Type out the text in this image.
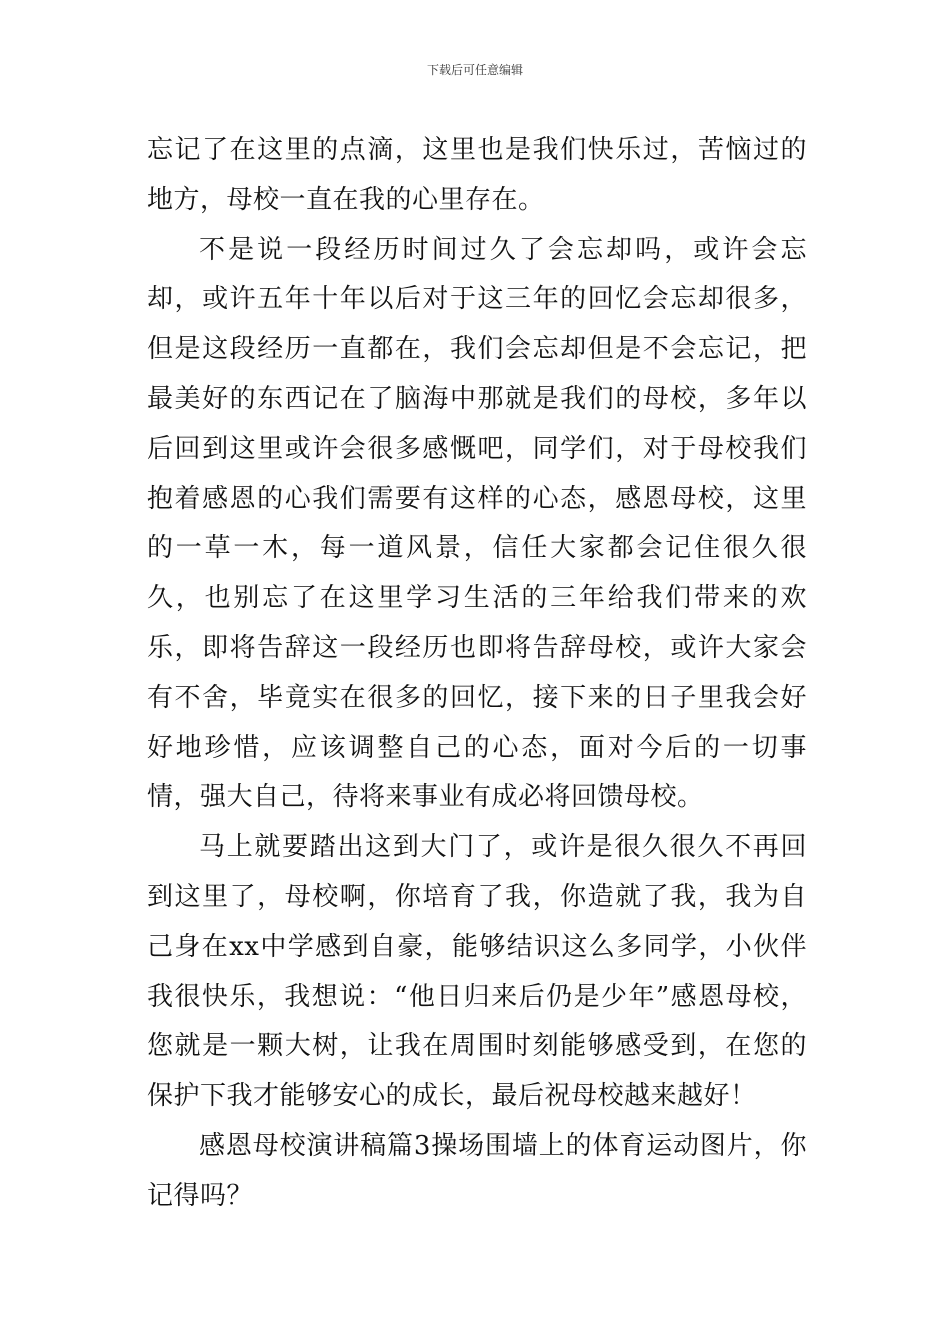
下载后可任意编辑

忘记了在这里的点滴，这里也是我们快乐过，苦恼过的地方，母校一直在我的心里存在。

不是说一段经历时间过久了会忘却吗，或许会忘却，或许五年十年以后对于这三年的回忆会忘却很多，但是这段经历一直都在，我们会忘却但是不会忘记，把最美好的东西记在了脑海中那就是我们的母校，多年以后回到这里或许会很多感慨吧，同学们，对于母校我们抱着感恩的心我们需要有这样的心态，感恩母校，这里的一草一木，每一道风景，信任大家都会记住很久很久，也别忘了在这里学习生活的三年给我们带来的欢乐，即将告辞这一段经历也即将告辞母校，或许大家会有不舍，毕竟实在很多的回忆，接下来的日子里我会好好地珍惜，应该调整自己的心态，面对今后的一切事情，强大自己，待将来事业有成必将回馈母校。

马上就要踏出这到大门了，或许是很久很久不再回到这里了，母校啊，你培育了我，你造就了我，我为自己身在xx中学感到自豪，能够结识这么多同学，小伙伴我很快乐，我想说：“他日归来后仍是少年”感恩母校，您就是一颗大树，让我在周围时刻能够感受到，在您的保护下我才能够安心的成长，最后祝母校越来越好！

感恩母校演讲稿篇3操场围墙上的体育运动图片，你记得吗？
